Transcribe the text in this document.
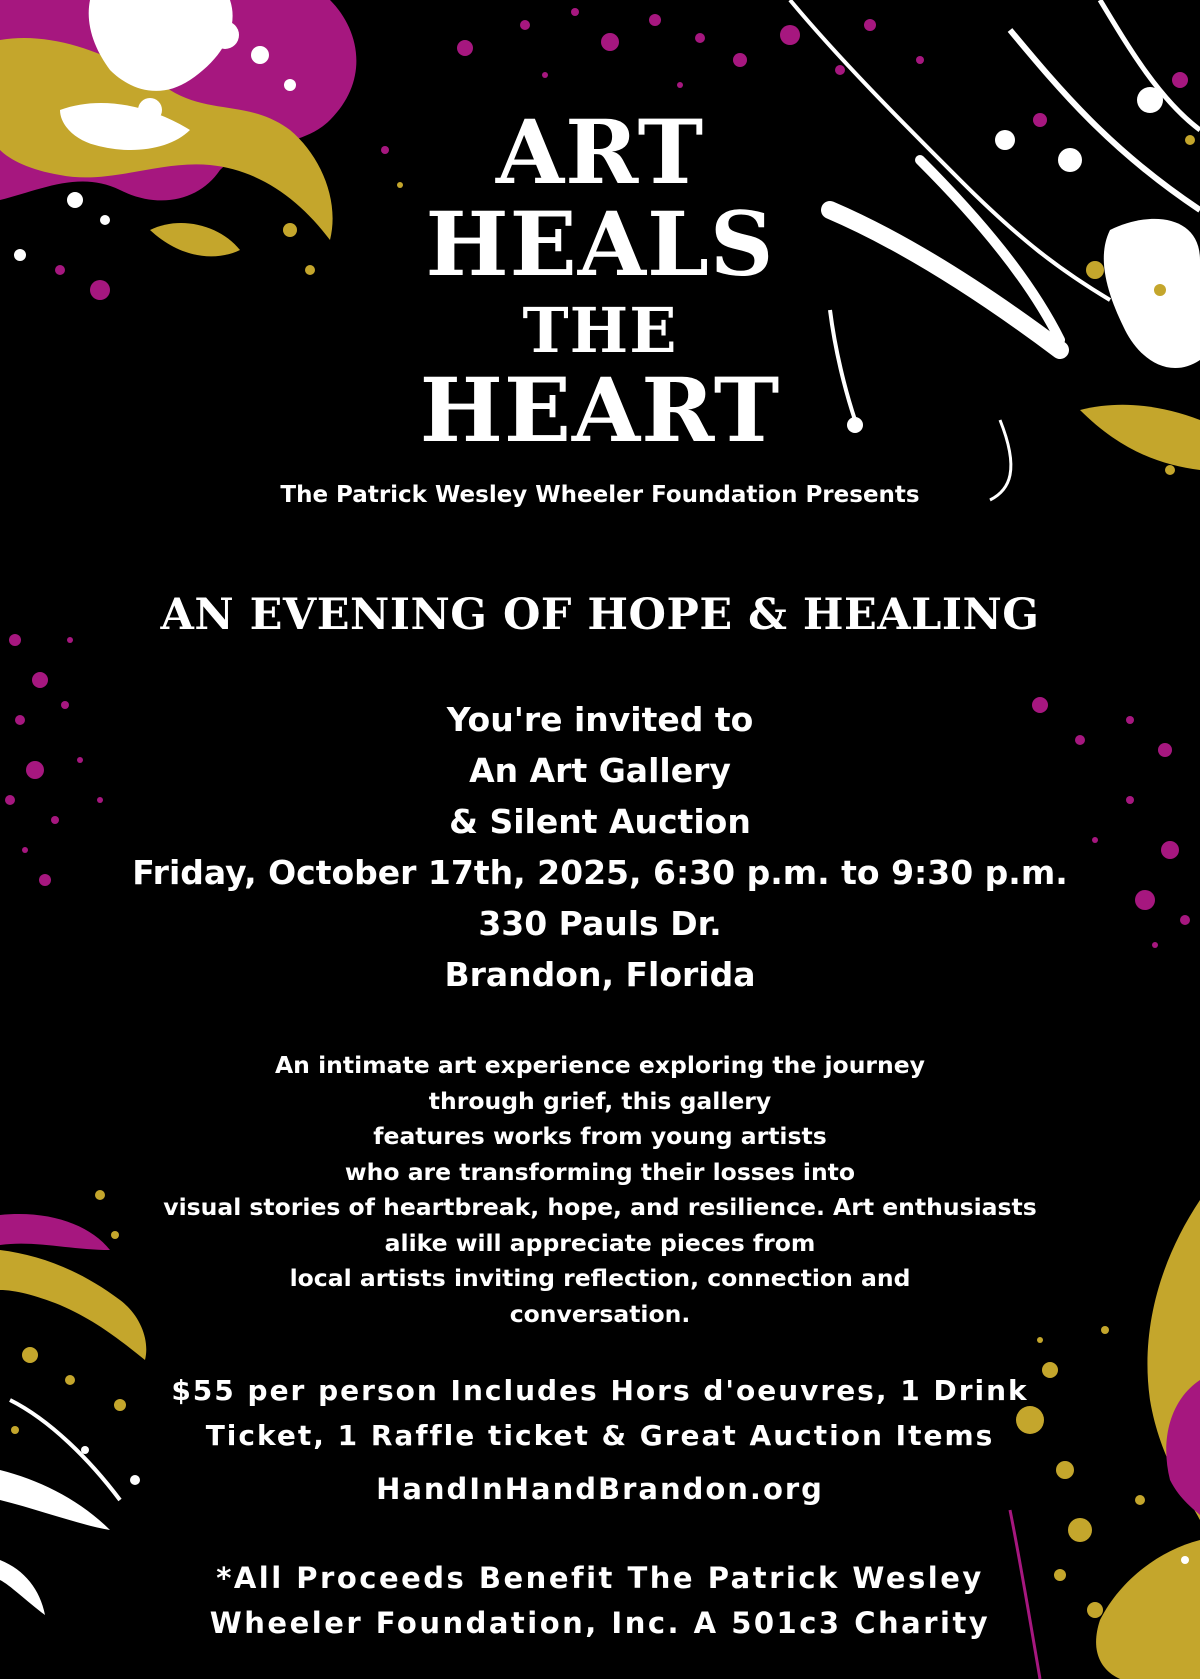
ART
HEALS
THE
HEART
The Patrick Wesley Wheeler Foundation Presents
AN EVENING OF HOPE & HEALING
You're invited to
An Art Gallery
& Silent Auction
Friday, October 17th, 2025, 6:30 p.m. to 9:30 p.m.
330 Pauls Dr.
Brandon, Florida
An intimate art experience exploring the journey
through grief, this gallery
features works from young artists
who are transforming their losses into
visual stories of heartbreak, hope, and resilience. Art enthusiasts
alike will appreciate pieces from
local artists inviting reflection, connection and
conversation.
$55 per person Includes Hors d'oeuvres, 1 Drink
Ticket, 1 Raffle ticket & Great Auction Items
HandInHandBrandon.org
*All Proceeds Benefit The Patrick Wesley
Wheeler Foundation, Inc. A 501c3 Charity
